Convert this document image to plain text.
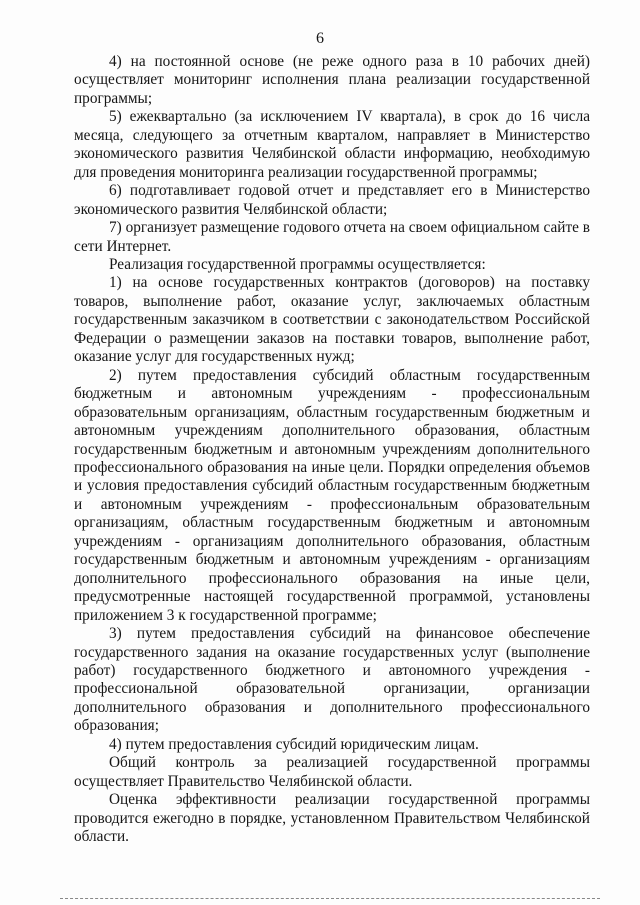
6

4) на постоянной основе (не реже одного раза в 10 рабочих дней) осуществляет мониторинг исполнения плана реализации государственной программы;

5) ежеквартально (за исключением IV квартала), в срок до 16 числа месяца, следующего за отчетным кварталом, направляет в Министерство экономического развития Челябинской области информацию, необходимую для проведения мониторинга реализации государственной программы;

6) подготавливает годовой отчет и представляет его в Министерство экономического развития Челябинской области;

7) организует размещение годового отчета на своем официальном сайте в сети Интернет.

Реализация государственной программы осуществляется:

1) на основе государственных контрактов (договоров) на поставку товаров, выполнение работ, оказание услуг, заключаемых областным государственным заказчиком в соответствии с законодательством Российской Федерации о размещении заказов на поставки товаров, выполнение работ, оказание услуг для государственных нужд;

2) путем предоставления субсидий областным государственным бюджетным и автономным учреждениям - профессиональным образовательным организациям, областным государственным бюджетным и автономным учреждениям дополнительного образования, областным государственным бюджетным и автономным учреждениям дополнительного профессионального образования на иные цели. Порядки определения объемов и условия предоставления субсидий областным государственным бюджетным и автономным учреждениям - профессиональным образовательным организациям, областным государственным бюджетным и автономным учреждениям - организациям дополнительного образования, областным государственным бюджетным и автономным учреждениям - организациям дополнительного профессионального образования на иные цели, предусмотренные настоящей государственной программой, установлены приложением 3 к государственной программе;

3) путем предоставления субсидий на финансовое обеспечение государственного задания на оказание государственных услуг (выполнение работ) государственного бюджетного и автономного учреждения - профессиональной образовательной организации, организации дополнительного образования и дополнительного профессионального образования;

4) путем предоставления субсидий юридическим лицам.

Общий контроль за реализацией государственной программы осуществляет Правительство Челябинской области.

Оценка эффективности реализации государственной программы проводится ежегодно в порядке, установленном Правительством Челябинской области.
